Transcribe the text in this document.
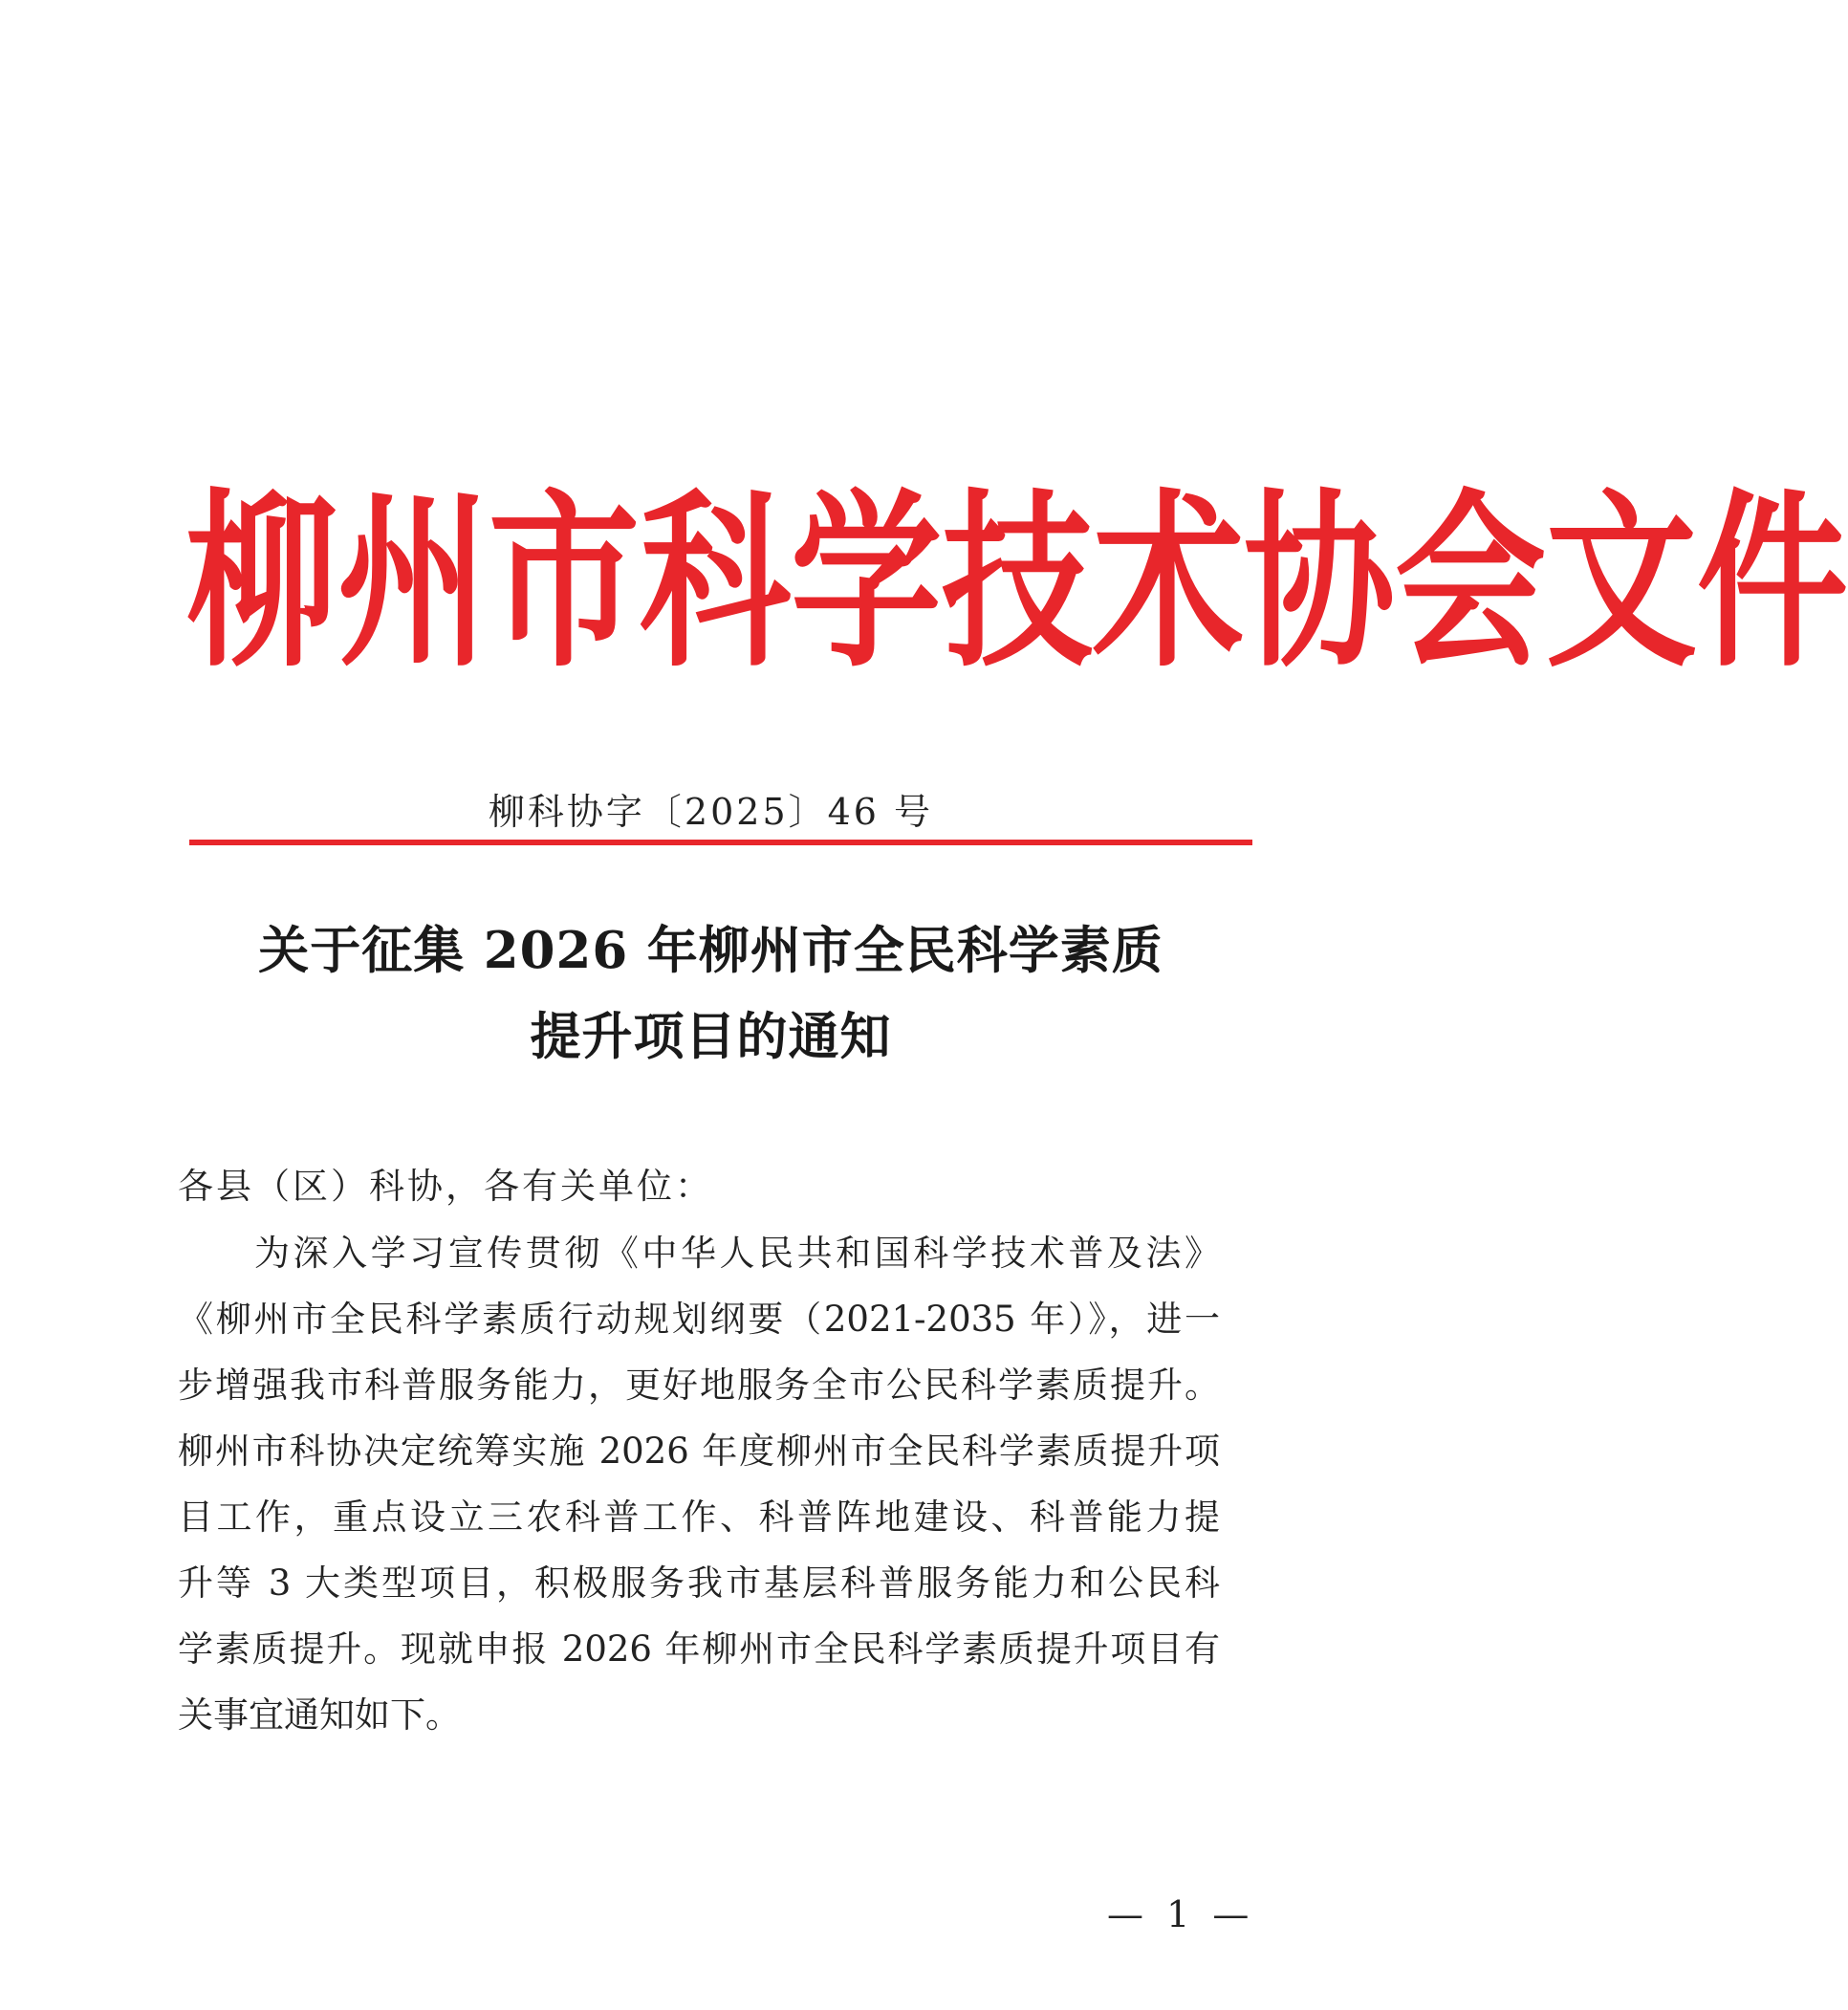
柳州市科学技术协会文件
柳科协字〔2025〕46 号
关于征集 2026 年柳州市全民科学素质
提升项目的通知
各县（区）科协，各有关单位：
为深入学习宣传贯彻《中华人民共和国科学技术普及法》
《柳州市全民科学素质行动规划纲要（2021-2035 年）》，进一
步增强我市科普服务能力，更好地服务全市公民科学素质提升。
柳州市科协决定统筹实施 2026 年度柳州市全民科学素质提升项
目工作，重点设立三农科普工作、科普阵地建设、科普能力提
升等 3 大类型项目，积极服务我市基层科普服务能力和公民科
学素质提升。现就申报 2026 年柳州市全民科学素质提升项目有
关事宜通知如下。
— 1 —
